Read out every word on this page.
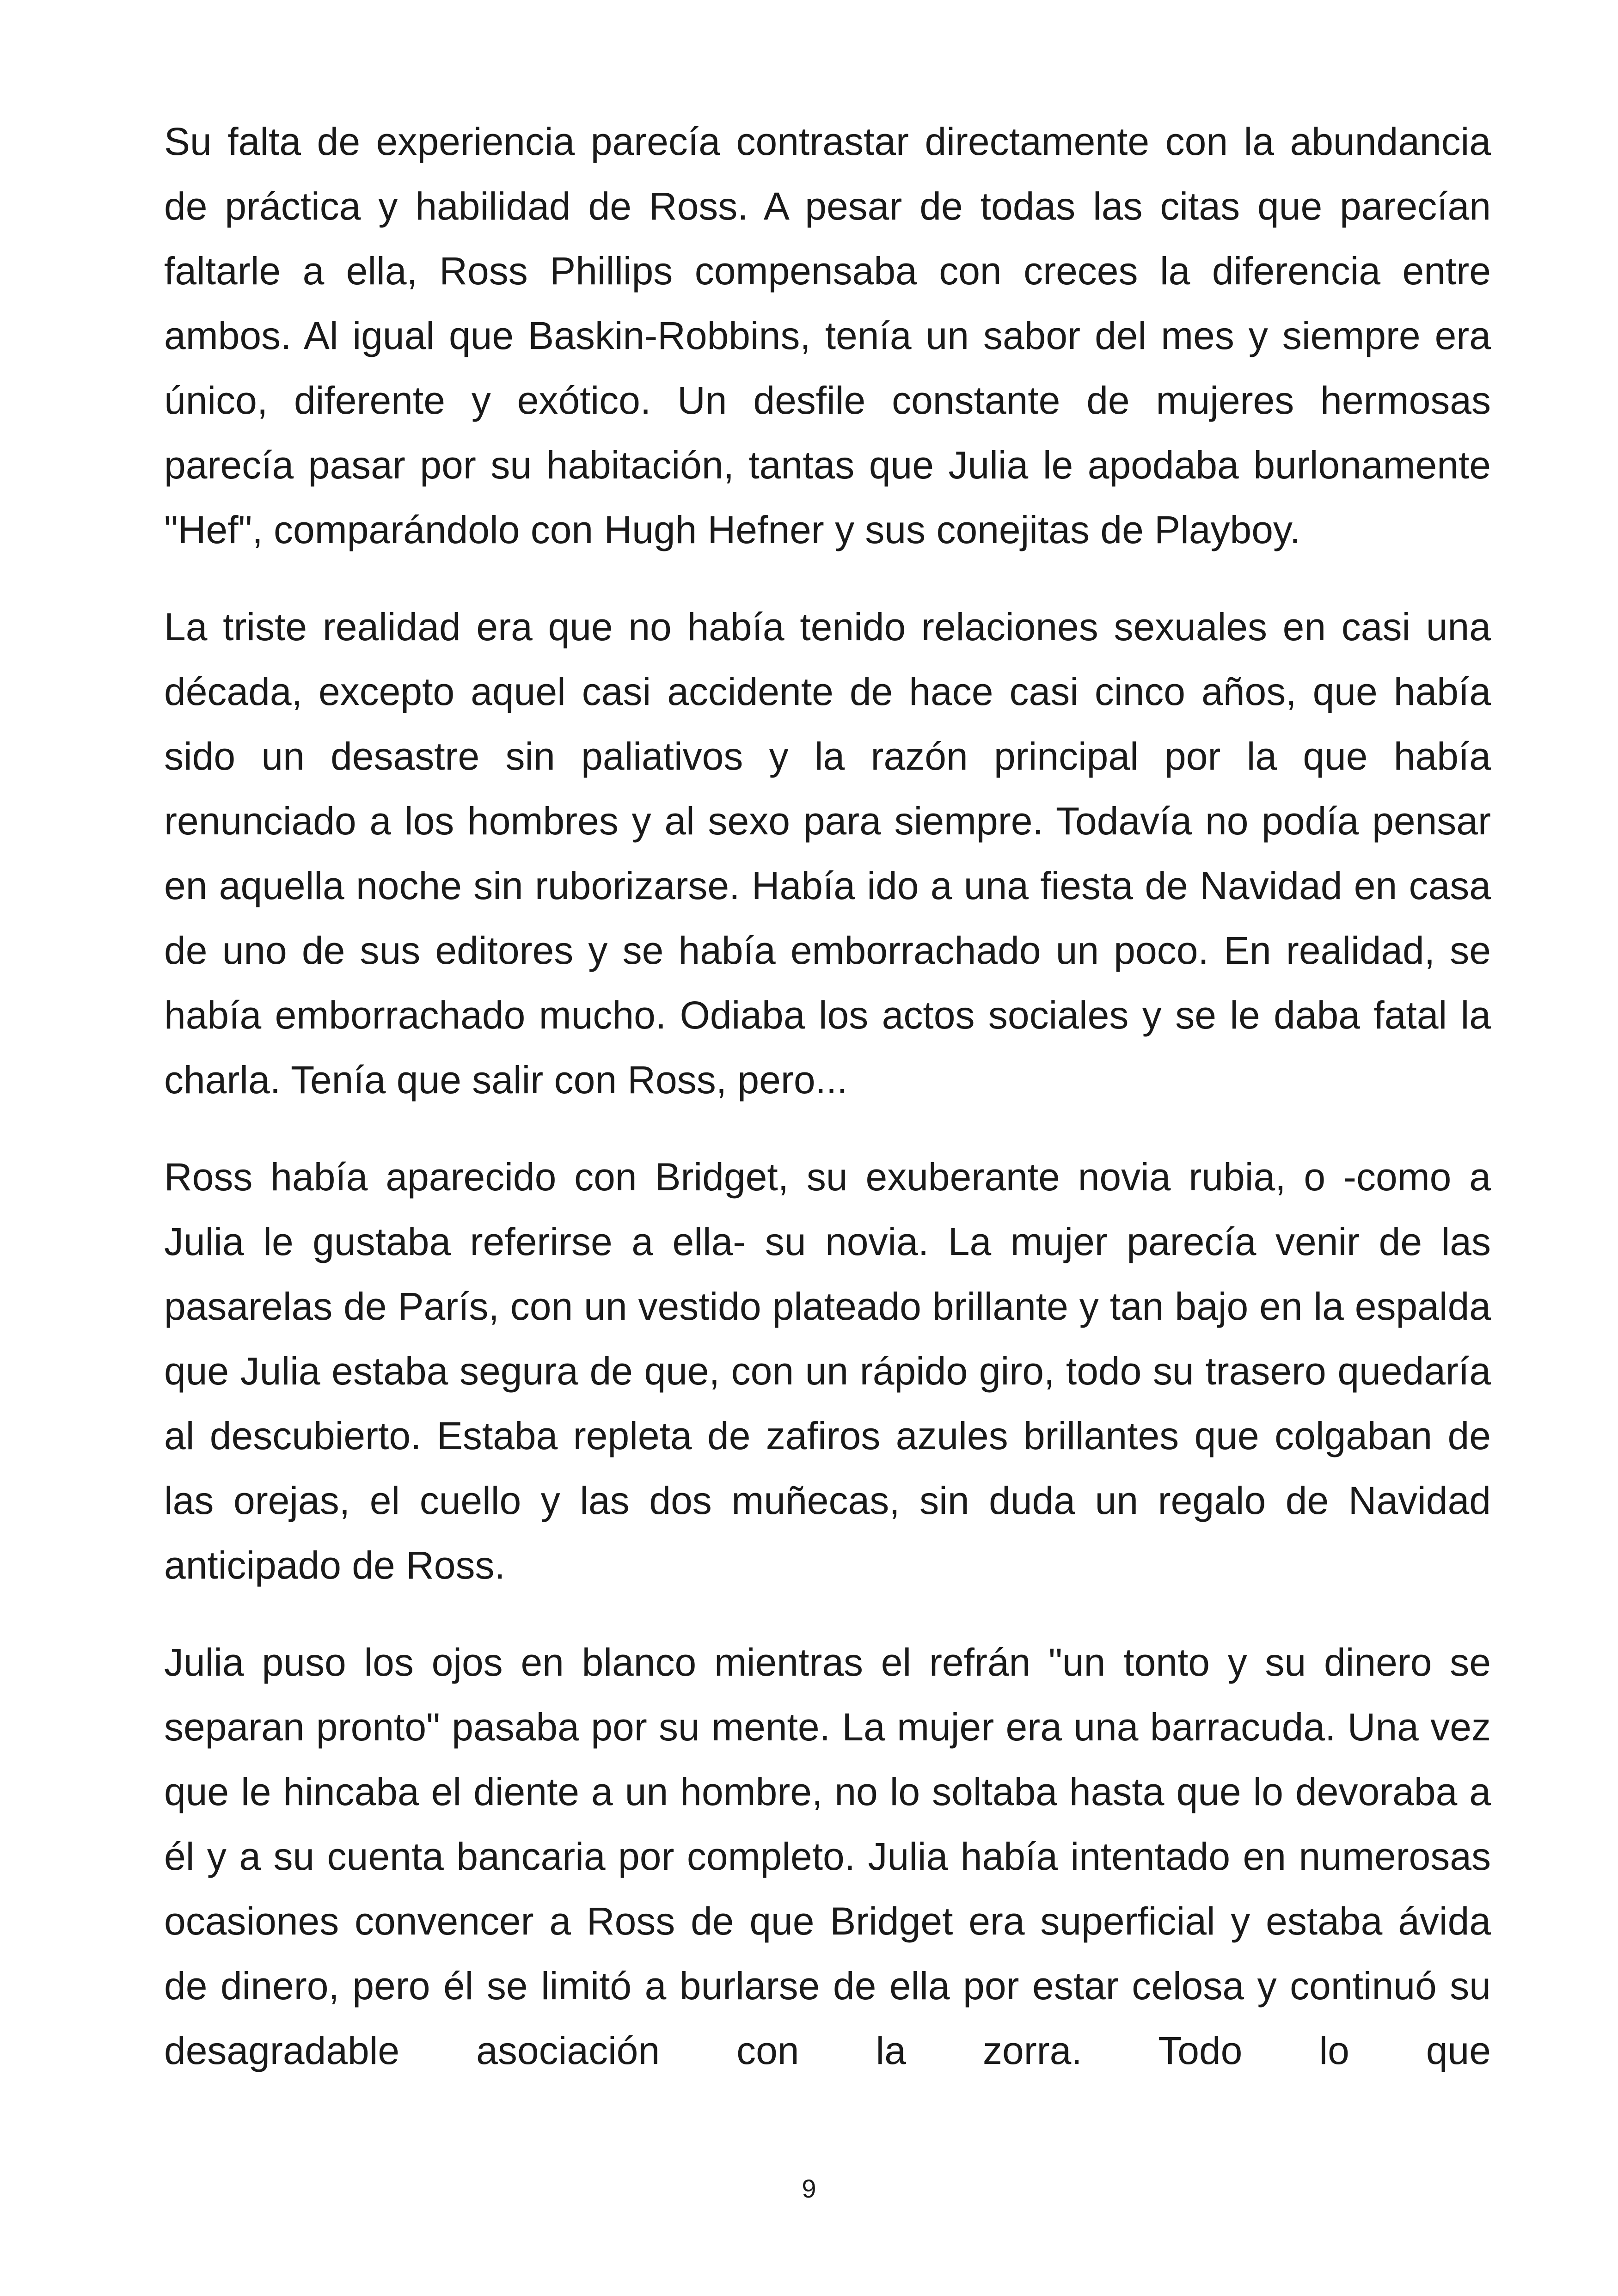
Su falta de experiencia parecía contrastar directamente con la abundancia de práctica y habilidad de Ross. A pesar de todas las citas que parecían faltarle a ella, Ross Phillips compensaba con creces la diferencia entre ambos. Al igual que Baskin-Robbins, tenía un sabor del mes y siempre era único, diferente y exótico. Un desfile constante de mujeres hermosas parecía pasar por su habitación, tantas que Julia le apodaba burlonamente "Hef", comparándolo con Hugh Hefner y sus conejitas de Playboy.

La triste realidad era que no había tenido relaciones sexuales en casi una década, excepto aquel casi accidente de hace casi cinco años, que había sido un desastre sin paliativos y la razón principal por la que había renunciado a los hombres y al sexo para siempre. Todavía no podía pensar en aquella noche sin ruborizarse. Había ido a una fiesta de Navidad en casa de uno de sus editores y se había emborrachado un poco. En realidad, se había emborrachado mucho. Odiaba los actos sociales y se le daba fatal la charla. Tenía que salir con Ross, pero...

Ross había aparecido con Bridget, su exuberante novia rubia, o -como a Julia le gustaba referirse a ella- su novia. La mujer parecía venir de las pasarelas de París, con un vestido plateado brillante y tan bajo en la espalda que Julia estaba segura de que, con un rápido giro, todo su trasero quedaría al descubierto. Estaba repleta de zafiros azules brillantes que colgaban de las orejas, el cuello y las dos muñecas, sin duda un regalo de Navidad anticipado de Ross.

Julia puso los ojos en blanco mientras el refrán "un tonto y su dinero se separan pronto" pasaba por su mente. La mujer era una barracuda. Una vez que le hincaba el diente a un hombre, no lo soltaba hasta que lo devoraba a él y a su cuenta bancaria por completo. Julia había intentado en numerosas ocasiones convencer a Ross de que Bridget era superficial y estaba ávida de dinero, pero él se limitó a burlarse de ella por estar celosa y continuó su desagradable asociación con la zorra. Todo lo que

9
